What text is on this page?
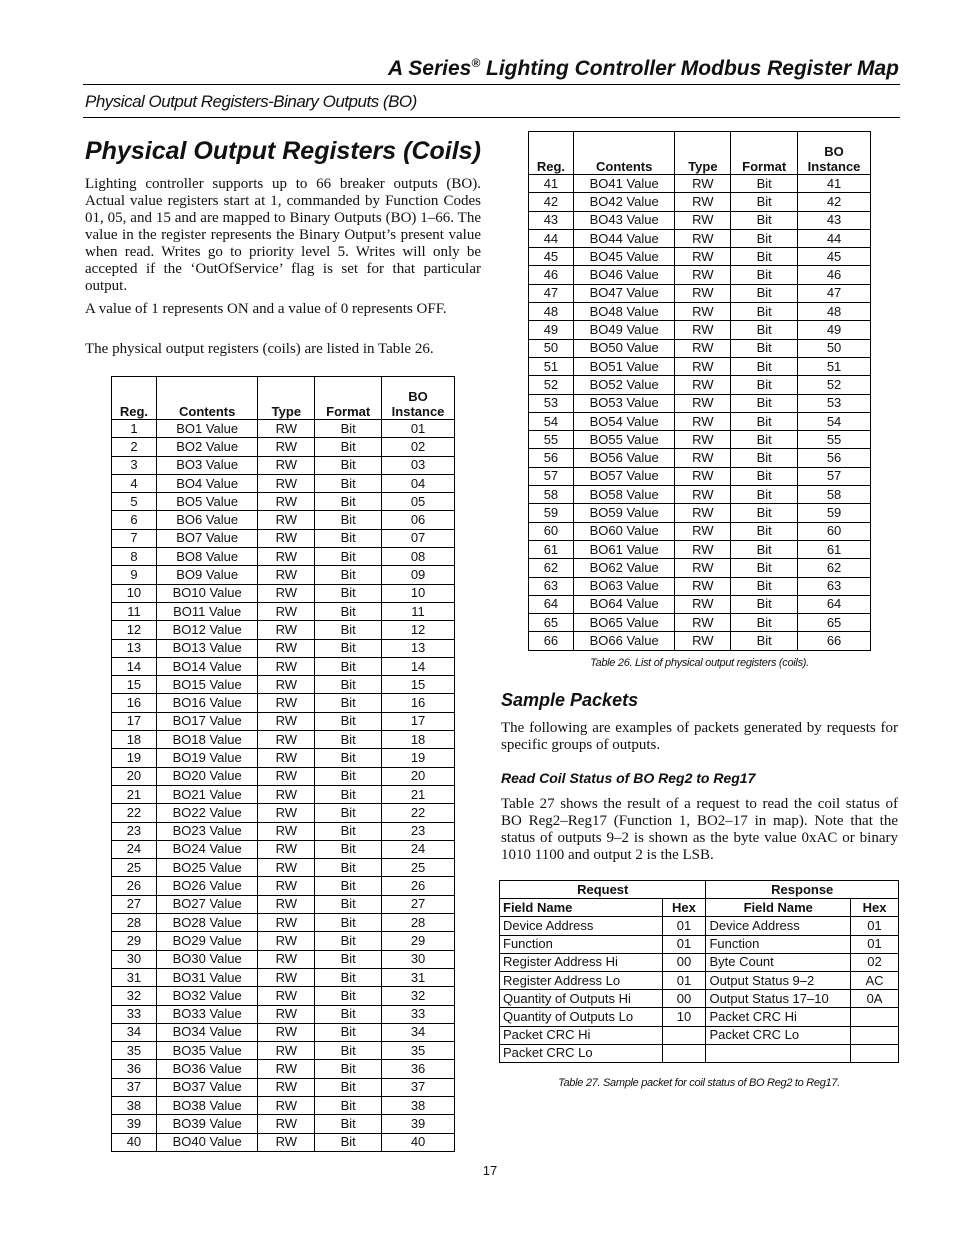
A Series® Lighting Controller Modbus Register Map
Physical Output Registers-Binary Outputs (BO)
Physical Output Registers (Coils)

Lighting controller supports up to 66 breaker outputs (BO). Actual value registers start at 1, commanded by Function Codes 01, 05, and 15 and are mapped to Binary Outputs (BO) 1–66. The value in the register represents the Binary Output’s present value when read. Writes go to priority level 5. Writes will only be accepted if the ‘OutOfService’ flag is set for that particular output.

A value of 1 represents ON and a value of 0 represents OFF.

The physical output registers (coils) are listed in Table 26.

Reg.	Contents	Type	Format	BO Instance
1	BO1 Value	RW	Bit	01
2	BO2 Value	RW	Bit	02
3	BO3 Value	RW	Bit	03
4	BO4 Value	RW	Bit	04
5	BO5 Value	RW	Bit	05
6	BO6 Value	RW	Bit	06
7	BO7 Value	RW	Bit	07
8	BO8 Value	RW	Bit	08
9	BO9 Value	RW	Bit	09
10	BO10 Value	RW	Bit	10
11	BO11 Value	RW	Bit	11
12	BO12 Value	RW	Bit	12
13	BO13 Value	RW	Bit	13
14	BO14 Value	RW	Bit	14
15	BO15 Value	RW	Bit	15
16	BO16 Value	RW	Bit	16
17	BO17 Value	RW	Bit	17
18	BO18 Value	RW	Bit	18
19	BO19 Value	RW	Bit	19
20	BO20 Value	RW	Bit	20
21	BO21 Value	RW	Bit	21
22	BO22 Value	RW	Bit	22
23	BO23 Value	RW	Bit	23
24	BO24 Value	RW	Bit	24
25	BO25 Value	RW	Bit	25
26	BO26 Value	RW	Bit	26
27	BO27 Value	RW	Bit	27
28	BO28 Value	RW	Bit	28
29	BO29 Value	RW	Bit	29
30	BO30 Value	RW	Bit	30
31	BO31 Value	RW	Bit	31
32	BO32 Value	RW	Bit	32
33	BO33 Value	RW	Bit	33
34	BO34 Value	RW	Bit	34
35	BO35 Value	RW	Bit	35
36	BO36 Value	RW	Bit	36
37	BO37 Value	RW	Bit	37
38	BO38 Value	RW	Bit	38
39	BO39 Value	RW	Bit	39
40	BO40 Value	RW	Bit	40
Reg.	Contents	Type	Format	BO Instance
41	BO41 Value	RW	Bit	41
42	BO42 Value	RW	Bit	42
43	BO43 Value	RW	Bit	43
44	BO44 Value	RW	Bit	44
45	BO45 Value	RW	Bit	45
46	BO46 Value	RW	Bit	46
47	BO47 Value	RW	Bit	47
48	BO48 Value	RW	Bit	48
49	BO49 Value	RW	Bit	49
50	BO50 Value	RW	Bit	50
51	BO51 Value	RW	Bit	51
52	BO52 Value	RW	Bit	52
53	BO53 Value	RW	Bit	53
54	BO54 Value	RW	Bit	54
55	BO55 Value	RW	Bit	55
56	BO56 Value	RW	Bit	56
57	BO57 Value	RW	Bit	57
58	BO58 Value	RW	Bit	58
59	BO59 Value	RW	Bit	59
60	BO60 Value	RW	Bit	60
61	BO61 Value	RW	Bit	61
62	BO62 Value	RW	Bit	62
63	BO63 Value	RW	Bit	63
64	BO64 Value	RW	Bit	64
65	BO65 Value	RW	Bit	65
66	BO66 Value	RW	Bit	66
Table 26. List of physical output registers (coils).
Sample Packets

The following are examples of packets generated by requests for specific groups of outputs.

Read Coil Status of BO Reg2 to Reg17

Table 27 shows the result of a request to read the coil status of BO Reg2–Reg17 (Function 1, BO2–17 in map). Note that the status of outputs 9–2 is shown as the byte value 0xAC or binary 1010 1100 and output 2 is the LSB.

Request		Response	
Field Name	Hex	Field Name	Hex
Device Address	01	Device Address	01
Function	01	Function	01
Register Address Hi	00	Byte Count	02
Register Address Lo	01	Output Status 9–2	AC
Quantity of Outputs Hi	00	Output Status 17–10	0A
Quantity of Outputs Lo	10	Packet CRC Hi	
Packet CRC Hi		Packet CRC Lo	
Packet CRC Lo			
Table 27. Sample packet for coil status of BO Reg2 to Reg17.
17
